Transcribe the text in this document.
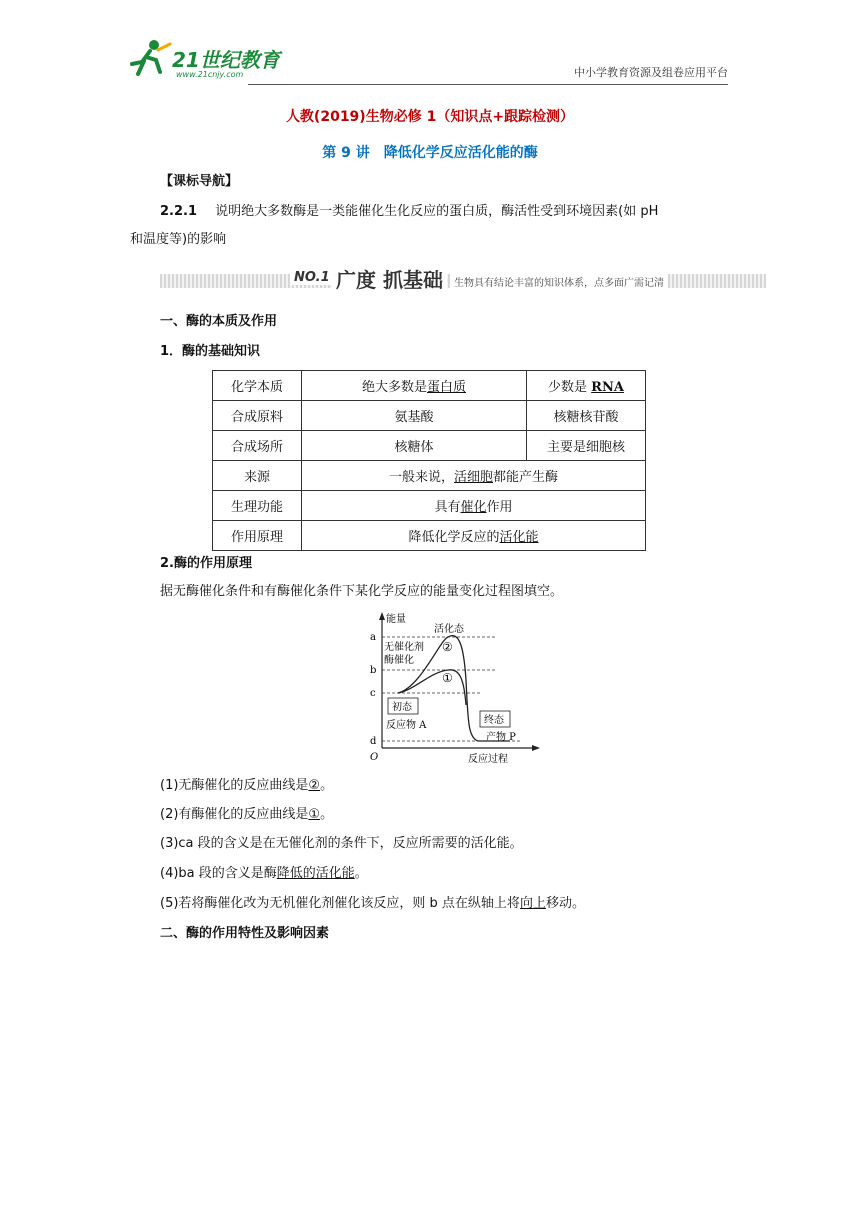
21世纪教育
www.21cnjy.com	中小学教育资源及组卷应用平台
人教(2019)生物必修 1（知识点+跟踪检测）
第 9 讲　降低化学反应活化能的酶
【课标导航】
2.2.1 说明绝大多数酶是一类能催化生化反应的蛋白质，酶活性受到环境因素(如 pH
和温度等)的影响
NO.1 广度 抓基础	生物具有结论丰富的知识体系，点多面广需记清
一、酶的本质及作用
1．酶的基础知识
化学本质	绝大多数是蛋白质	少数是 RNA
合成原料	氨基酸	核糖核苷酸
合成场所	核糖体	主要是细胞核
来源	一般来说，活细胞都能产生酶	
生理功能	具有催化作用	
作用原理	降低化学反应的活化能	
2.酶的作用原理
据无酶催化条件和有酶催化条件下某化学反应的能量变化过程图填空。
能量
反应过程
O
a
b
c
d
活化态
无催化剂
酶催化
②
①
初态
反应物 A	终态
产物 P
(1)无酶催化的反应曲线是②。
(2)有酶催化的反应曲线是①。
(3)ca 段的含义是在无催化剂的条件下，反应所需要的活化能。
(4)ba 段的含义是酶降低的活化能。
(5)若将酶催化改为无机催化剂催化该反应，则 b 点在纵轴上将向上移动。
二、酶的作用特性及影响因素
